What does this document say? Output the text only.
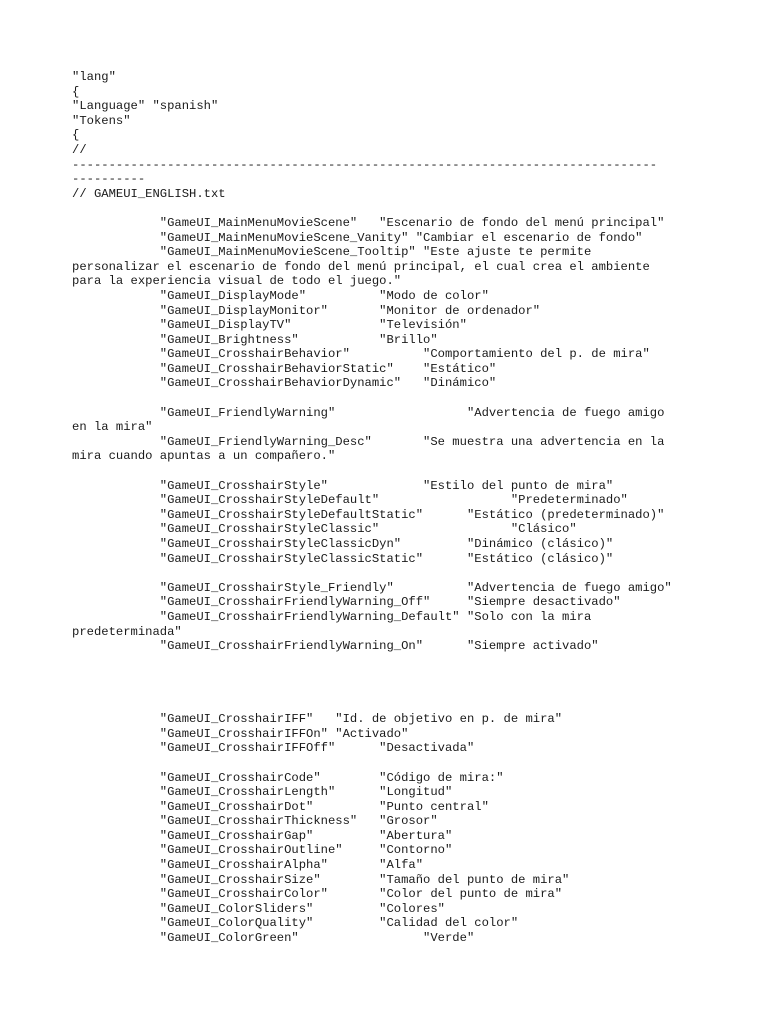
"lang"
{
"Language" "spanish"
"Tokens"
{
//
--------------------------------------------------------------------------------
----------
// GAMEUI_ENGLISH.txt
"GameUI_MainMenuMovieScene"   "Escenario de fondo del menú principal"
"GameUI_MainMenuMovieScene_Vanity" "Cambiar el escenario de fondo"
"GameUI_MainMenuMovieScene_Tooltip" "Este ajuste te permite
personalizar el escenario de fondo del menú principal, el cual crea el ambiente
para la experiencia visual de todo el juego."
"GameUI_DisplayMode"          "Modo de color"
"GameUI_DisplayMonitor"       "Monitor de ordenador"
"GameUI_DisplayTV"            "Televisión"
"GameUI_Brightness"           "Brillo"
"GameUI_CrosshairBehavior"          "Comportamiento del p. de mira"
"GameUI_CrosshairBehaviorStatic"    "Estático"
"GameUI_CrosshairBehaviorDynamic"   "Dinámico"
"GameUI_FriendlyWarning"                  "Advertencia de fuego amigo
en la mira"
"GameUI_FriendlyWarning_Desc"       "Se muestra una advertencia en la
mira cuando apuntas a un compañero."
"GameUI_CrosshairStyle"             "Estilo del punto de mira"
"GameUI_CrosshairStyleDefault"                  "Predeterminado"
"GameUI_CrosshairStyleDefaultStatic"      "Estático (predeterminado)"
"GameUI_CrosshairStyleClassic"                  "Clásico"
"GameUI_CrosshairStyleClassicDyn"         "Dinámico (clásico)"
"GameUI_CrosshairStyleClassicStatic"      "Estático (clásico)"
"GameUI_CrosshairStyle_Friendly"          "Advertencia de fuego amigo"
"GameUI_CrosshairFriendlyWarning_Off"     "Siempre desactivado"
"GameUI_CrosshairFriendlyWarning_Default" "Solo con la mira
predeterminada"
"GameUI_CrosshairFriendlyWarning_On"      "Siempre activado"
"GameUI_CrosshairIFF"   "Id. de objetivo en p. de mira"
"GameUI_CrosshairIFFOn" "Activado"
"GameUI_CrosshairIFFOff"      "Desactivada"
"GameUI_CrosshairCode"        "Código de mira:"
"GameUI_CrosshairLength"      "Longitud"
"GameUI_CrosshairDot"         "Punto central"
"GameUI_CrosshairThickness"   "Grosor"
"GameUI_CrosshairGap"         "Abertura"
"GameUI_CrosshairOutline"     "Contorno"
"GameUI_CrosshairAlpha"       "Alfa"
"GameUI_CrosshairSize"        "Tamaño del punto de mira"
"GameUI_CrosshairColor"       "Color del punto de mira"
"GameUI_ColorSliders"         "Colores"
"GameUI_ColorQuality"         "Calidad del color"
"GameUI_ColorGreen"                 "Verde"
